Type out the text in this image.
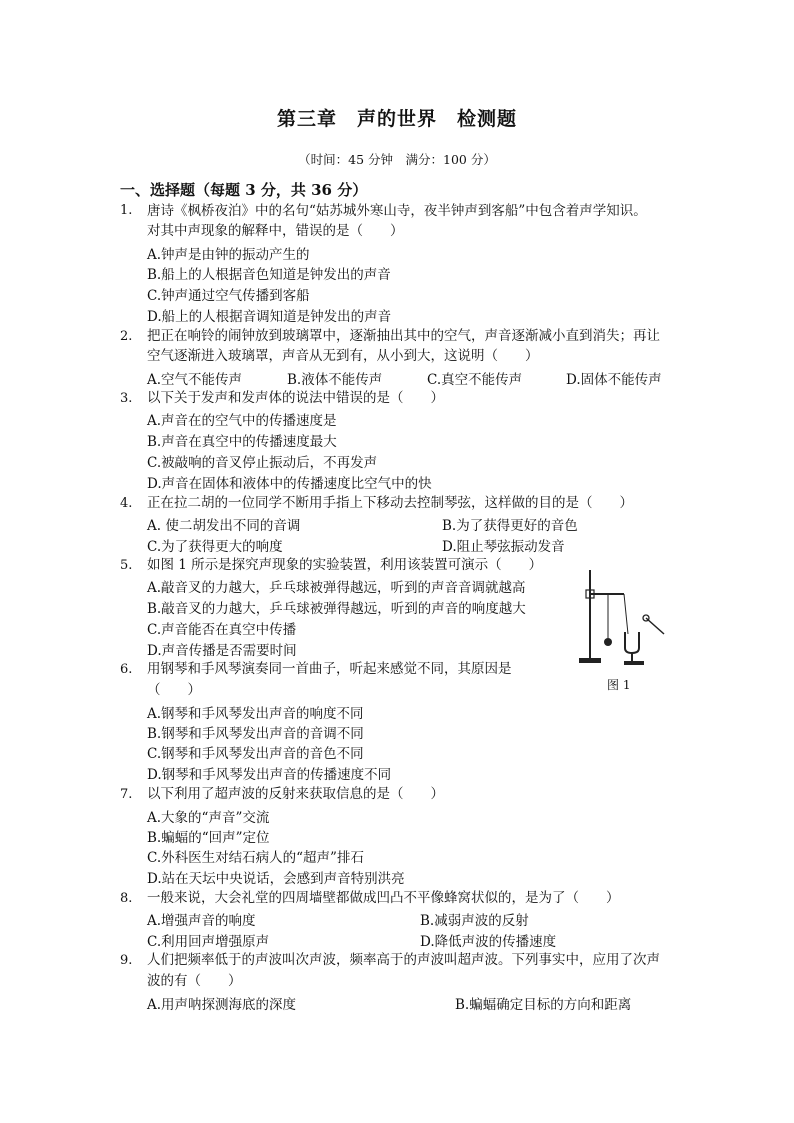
第三章　声的世界　检测题
（时间：45 分钟　满分：100 分）
一、选择题（每题 3 分，共 36 分）
1. 唐诗《枫桥夜泊》中的名句“姑苏城外寒山寺，夜半钟声到客船”中包含着声学知识。
对其中声现象的解释中，错误的是（　　）
A.钟声是由钟的振动产生的
B.船上的人根据音色知道是钟发出的声音
C.钟声通过空气传播到客船
D.船上的人根据音调知道是钟发出的声音
2. 把正在响铃的闹钟放到玻璃罩中，逐渐抽出其中的空气，声音逐渐减小直到消失；再让
空气逐渐进入玻璃罩，声音从无到有，从小到大，这说明（　　）
A.空气不能传声	B.液体不能传声	C.真空不能传声	D.固体不能传声
3. 以下关于发声和发声体的说法中错误的是（　　）
A.声音在的空气中的传播速度是
B.声音在真空中的传播速度最大
C.被敲响的音叉停止振动后，不再发声
D.声音在固体和液体中的传播速度比空气中的快
4. 正在拉二胡的一位同学不断用手指上下移动去控制琴弦，这样做的目的是（　　）
A. 使二胡发出不同的音调	B.为了获得更好的音色
C.为了获得更大的响度	D.阻止琴弦振动发音
5. 如图 1 所示是探究声现象的实验装置，利用该装置可演示（　　）
A.敲音叉的力越大，乒乓球被弹得越远，听到的声音音调就越高
B.敲音叉的力越大，乒乓球被弹得越远，听到的声音的响度越大
C.声音能否在真空中传播
D.声音传播是否需要时间
图 1
6. 用钢琴和手风琴演奏同一首曲子，听起来感觉不同，其原因是
（　　）
A.钢琴和手风琴发出声音的响度不同
B.钢琴和手风琴发出声音的音调不同
C.钢琴和手风琴发出声音的音色不同
D.钢琴和手风琴发出声音的传播速度不同
7. 以下利用了超声波的反射来获取信息的是（　　）
A.大象的“声音”交流
B.蝙蝠的“回声”定位
C.外科医生对结石病人的“超声”排石
D.站在天坛中央说话，会感到声音特别洪亮
8. 一般来说，大会礼堂的四周墙壁都做成凹凸不平像蜂窝状似的，是为了（　　）
A.增强声音的响度	B.减弱声波的反射
C.利用回声增强原声	D.降低声波的传播速度
9. 人们把频率低于的声波叫次声波，频率高于的声波叫超声波。下列事实中，应用了次声
波的有（　　）
A.用声呐探测海底的深度	B.蝙蝠确定目标的方向和距离
